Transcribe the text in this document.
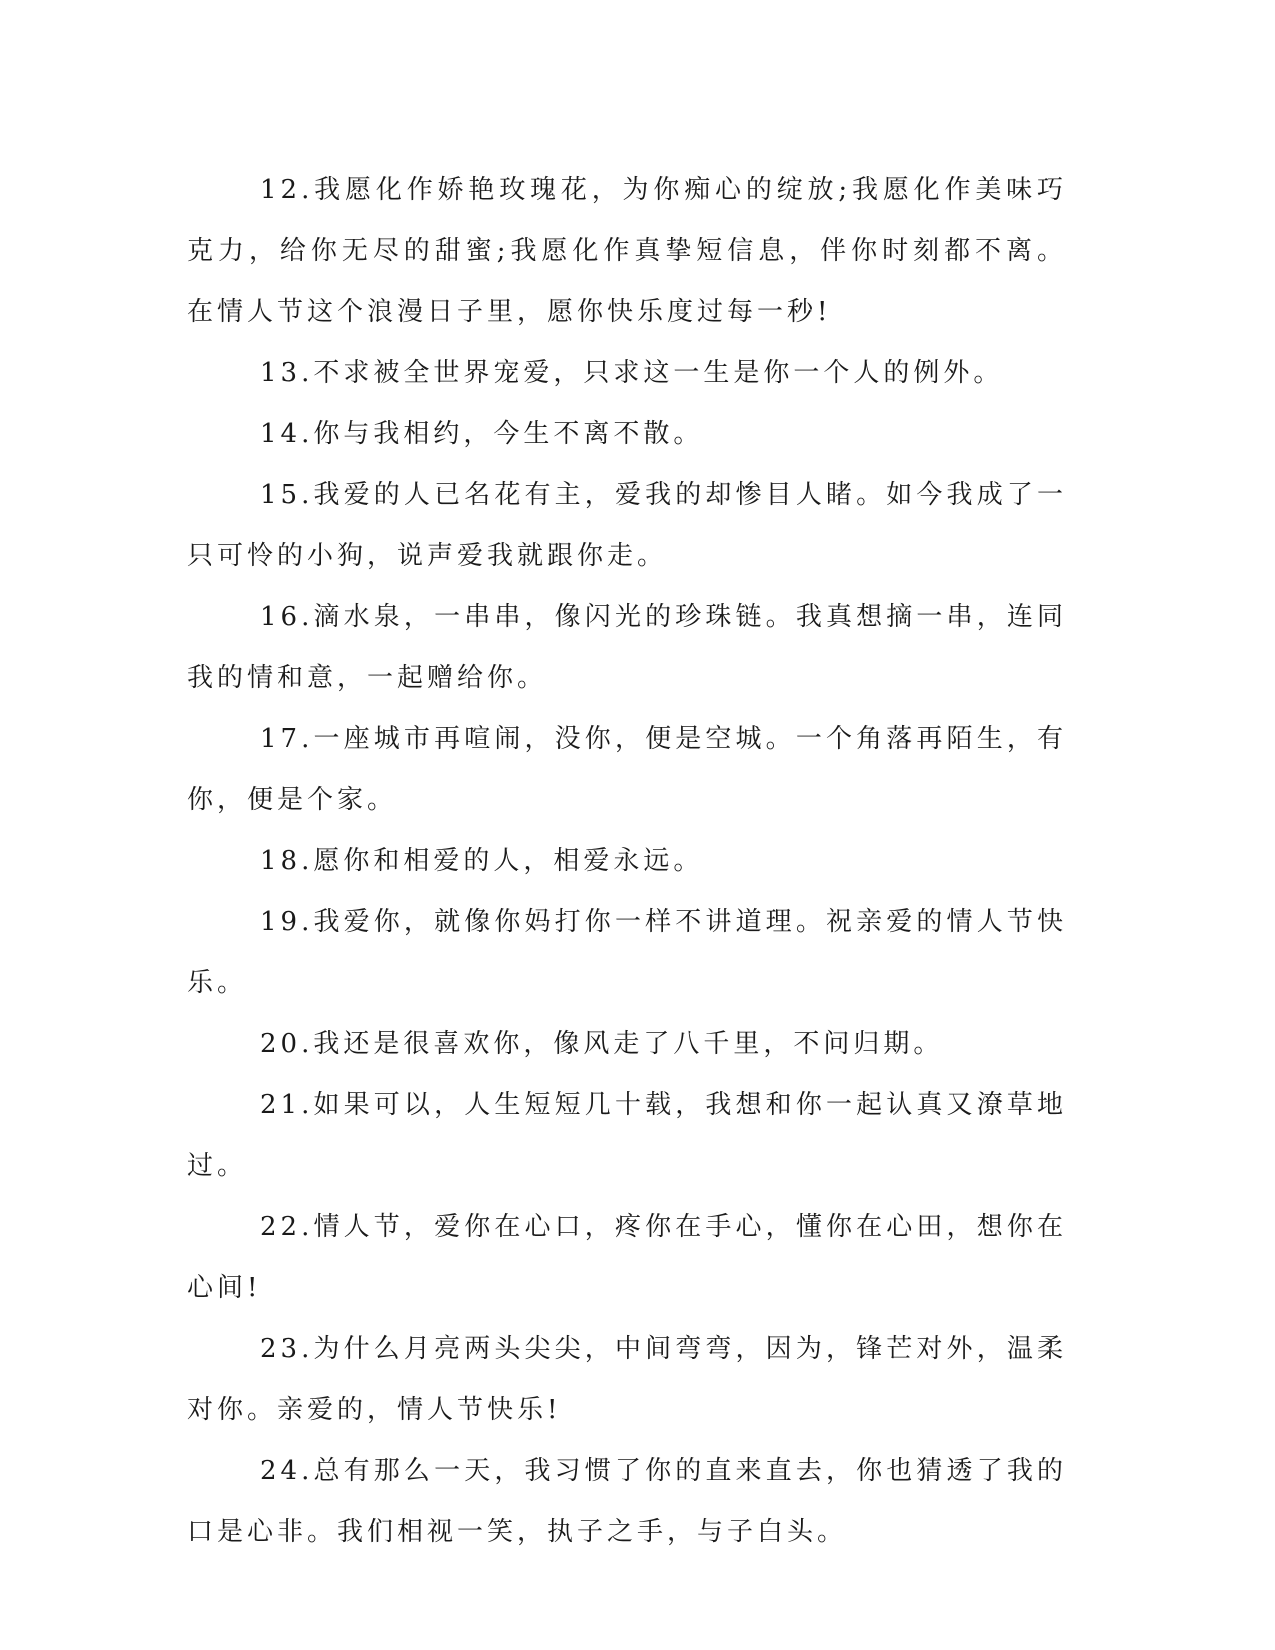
12.我愿化作娇艳玫瑰花，为你痴心的绽放;我愿化作美味巧克力，给你无尽的甜蜜;我愿化作真挚短信息，伴你时刻都不离。在情人节这个浪漫日子里，愿你快乐度过每一秒!

13.不求被全世界宠爱，只求这一生是你一个人的例外。

14.你与我相约，今生不离不散。

15.我爱的人已名花有主，爱我的却惨目人睹。如今我成了一只可怜的小狗，说声爱我就跟你走。

16.滴水泉，一串串，像闪光的珍珠链。我真想摘一串，连同我的情和意，一起赠给你。

17.一座城市再喧闹，没你，便是空城。一个角落再陌生，有你，便是个家。

18.愿你和相爱的人，相爱永远。

19.我爱你，就像你妈打你一样不讲道理。祝亲爱的情人节快乐。

20.我还是很喜欢你，像风走了八千里，不问归期。

21.如果可以，人生短短几十载，我想和你一起认真又潦草地过。

22.情人节，爱你在心口，疼你在手心，懂你在心田，想你在心间!

23.为什么月亮两头尖尖，中间弯弯，因为，锋芒对外，温柔对你。亲爱的，情人节快乐!

24.总有那么一天，我习惯了你的直来直去，你也猜透了我的口是心非。我们相视一笑，执子之手，与子白头。
